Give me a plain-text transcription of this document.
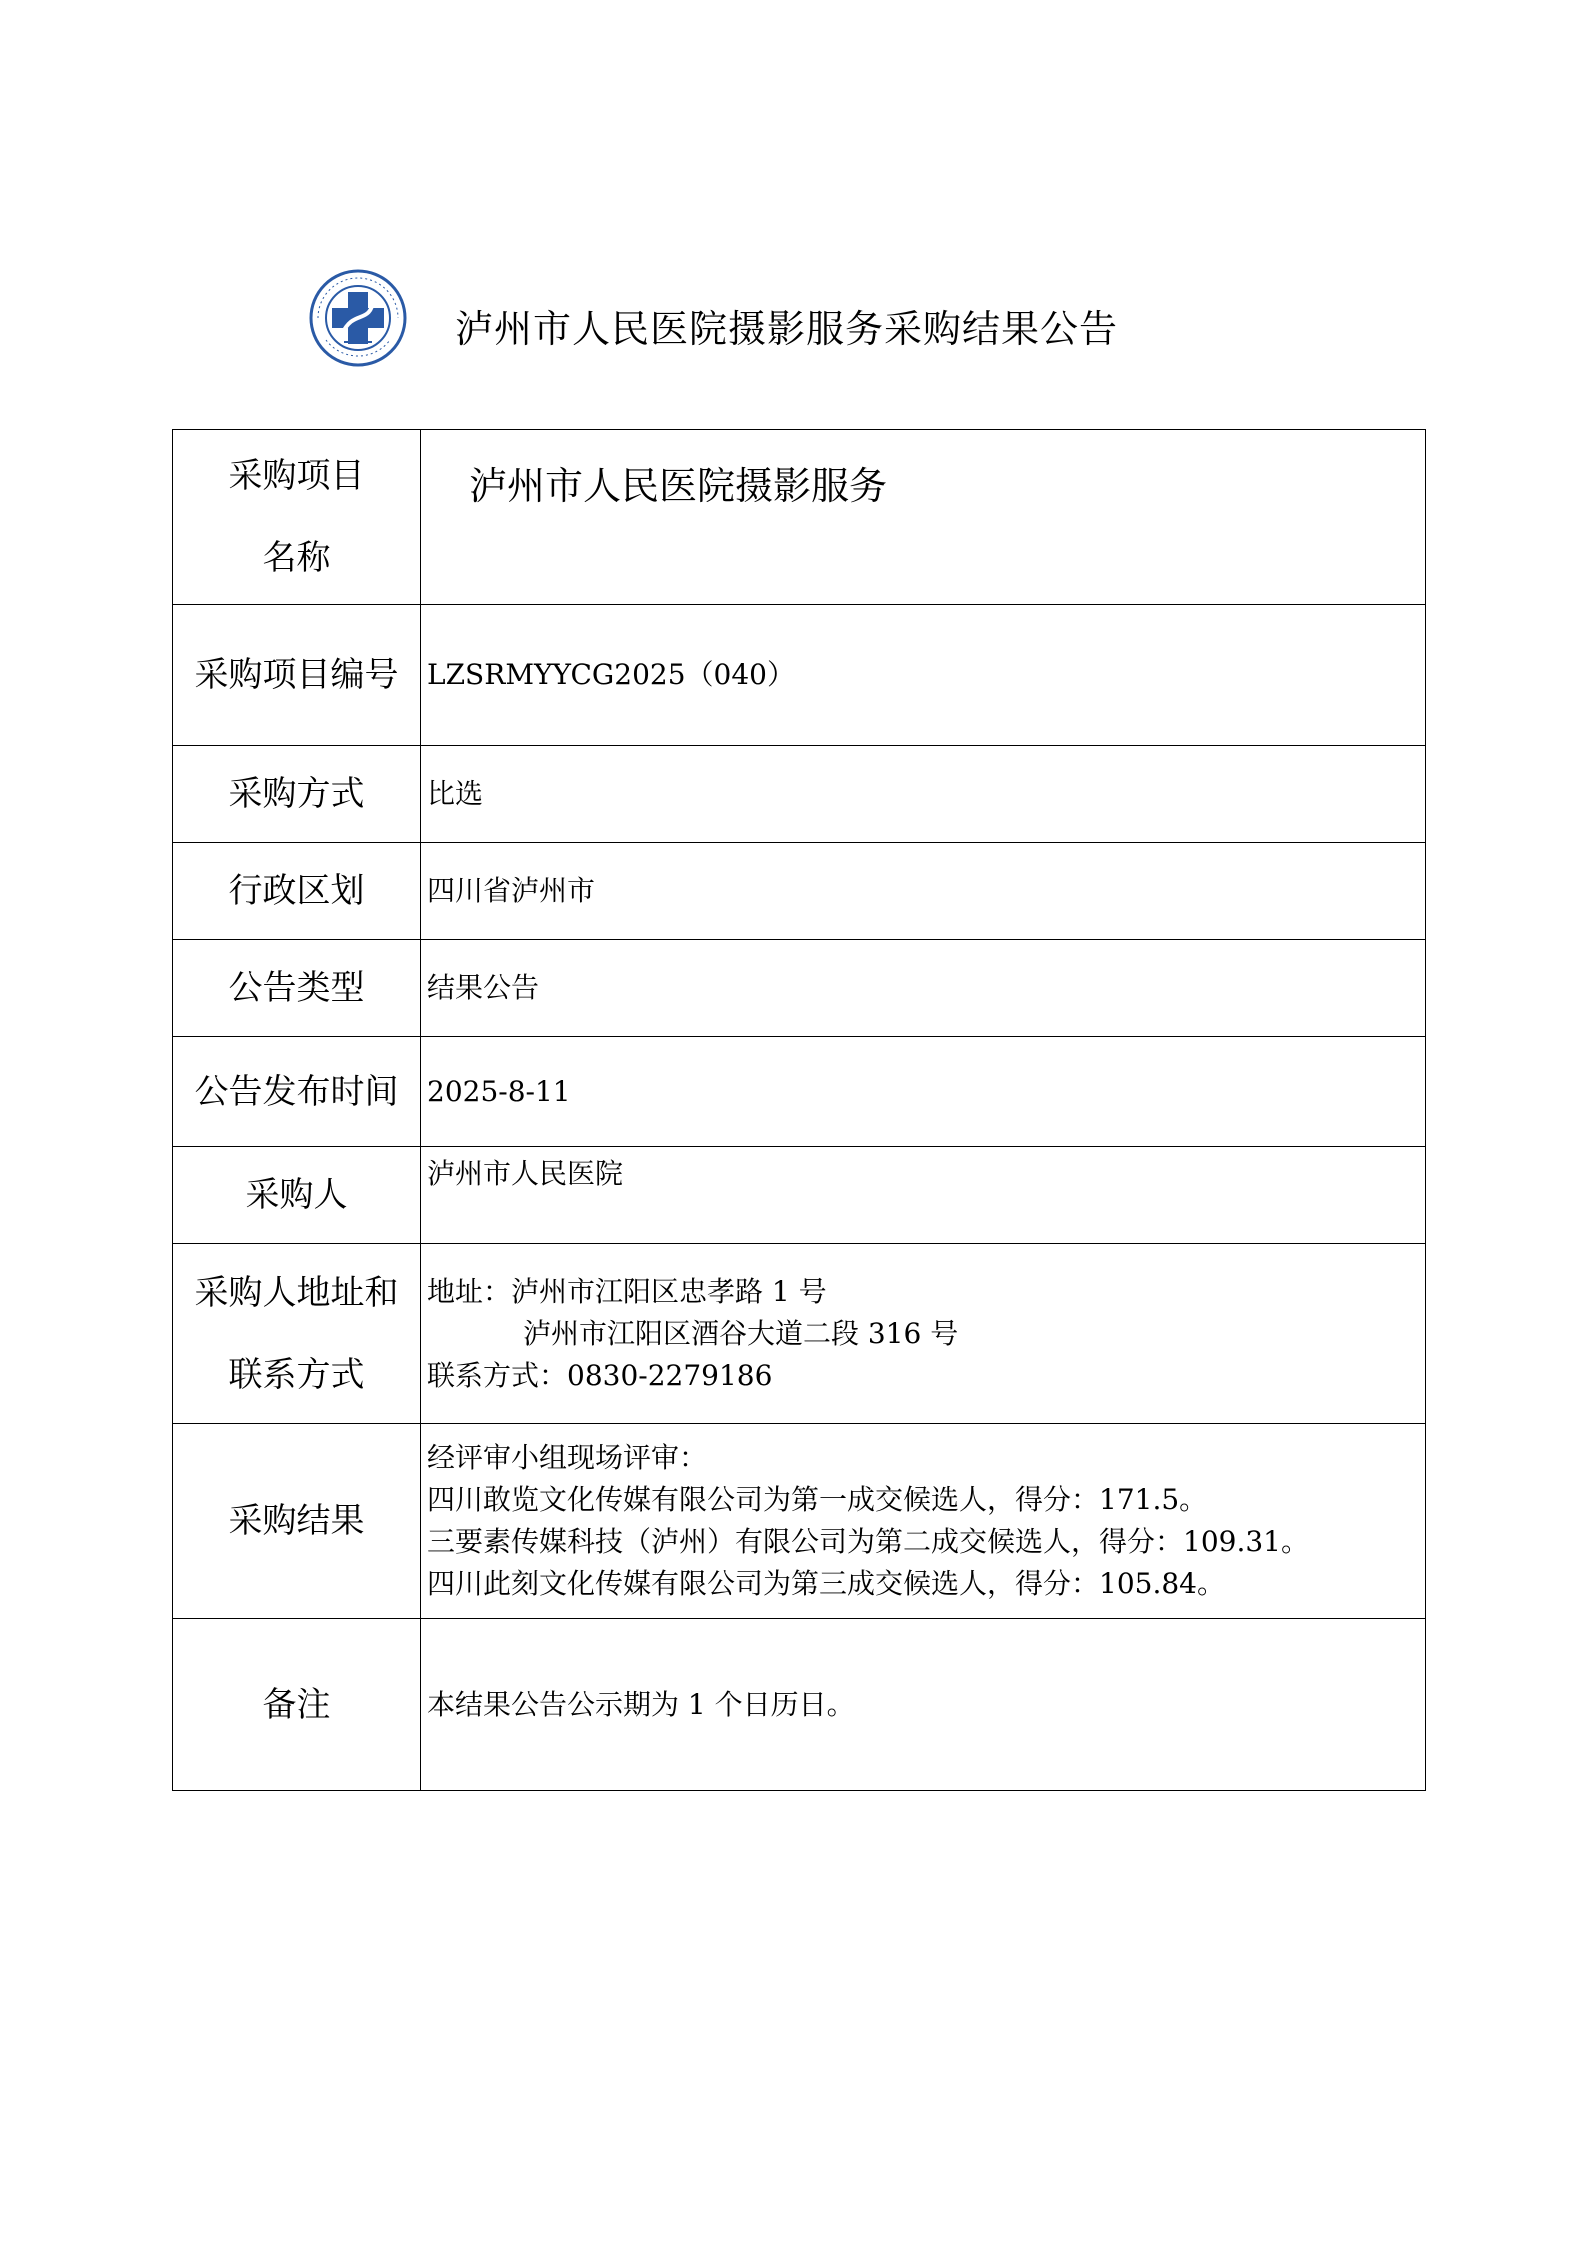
泸州市人民医院摄影服务采购结果公告
采购项目
名称	泸州市人民医院摄影服务

采购项目编号	LZSRMYYCG2025（040）

采购方式	比选

行政区划	四川省泸州市

公告类型	结果公告

公告发布时间	2025-8-11

采购人	泸州市人民医院

采购人地址和
联系方式	地址：泸州市江阳区忠孝路 1 号
泸州市江阳区酒谷大道二段 316 号
联系方式：0830-2279186

采购结果	经评审小组现场评审：
四川敢览文化传媒有限公司为第一成交候选人，得分：171.5。
三要素传媒科技（泸州）有限公司为第二成交候选人，得分：109.31。
四川此刻文化传媒有限公司为第三成交候选人，得分：105.84。

备注	本结果公告公示期为 1 个日历日。
